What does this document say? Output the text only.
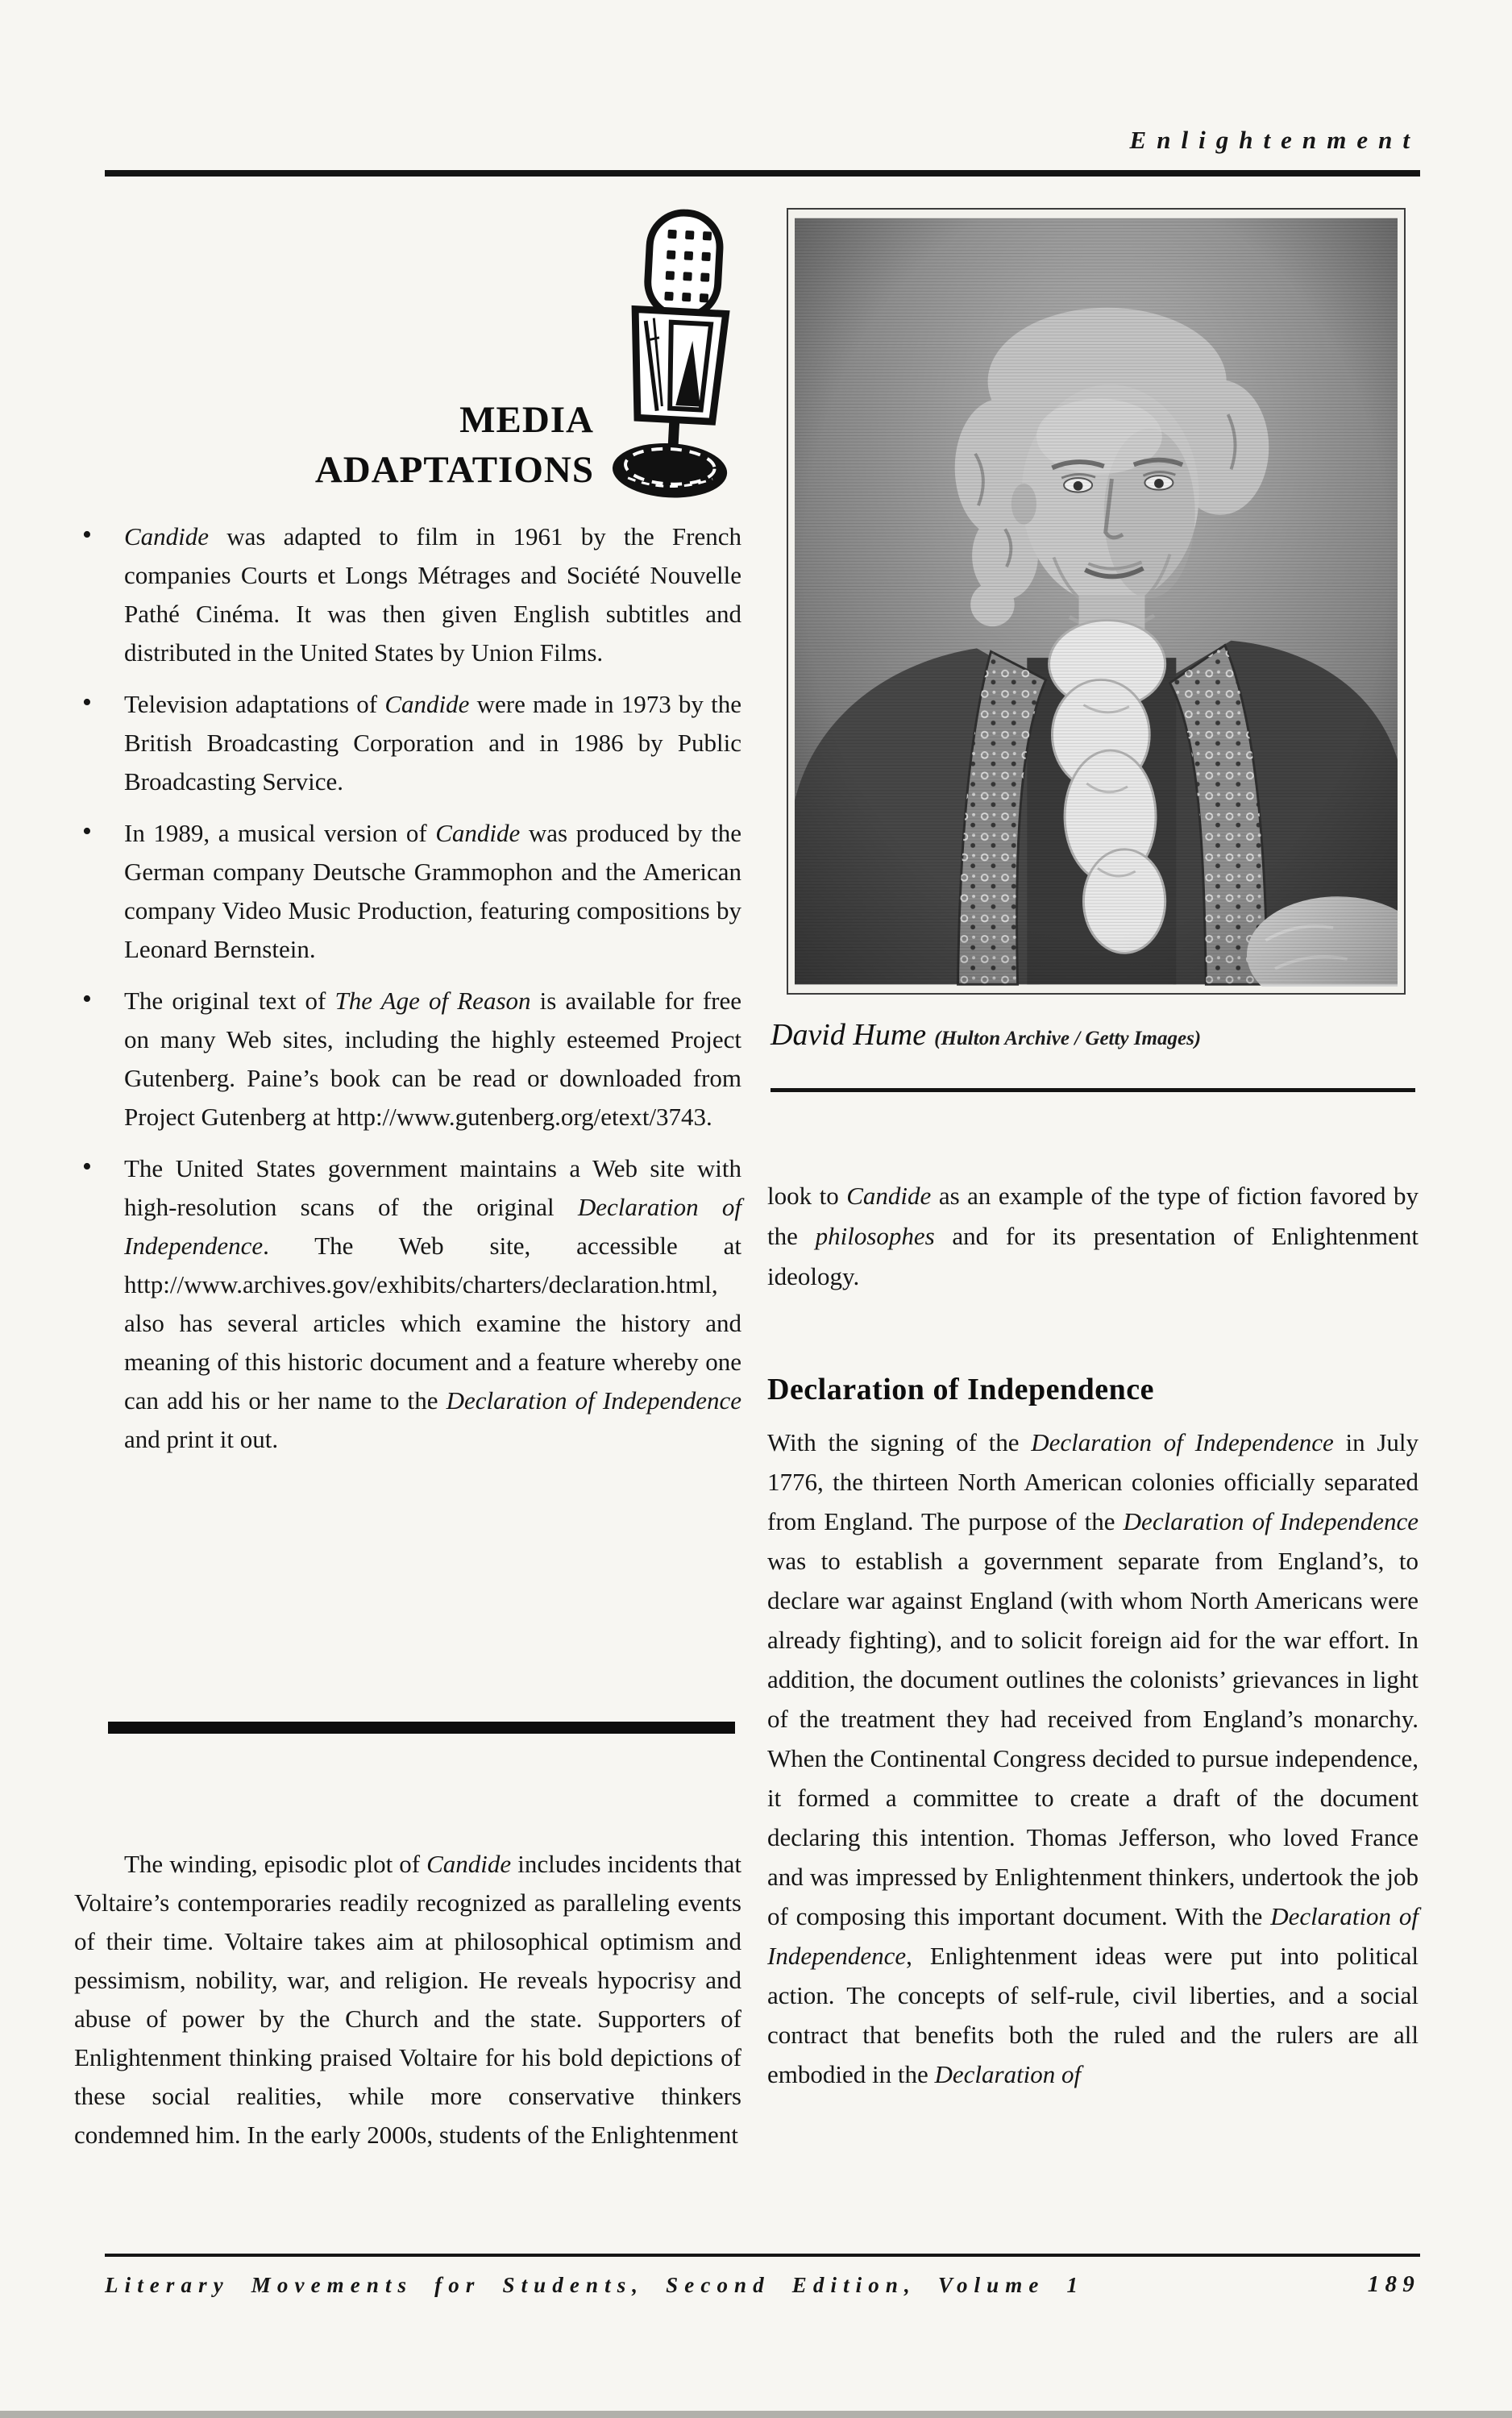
Enlightenment
MEDIA
ADAPTATIONS
• Candide was adapted to film in 1961 by the French companies Courts et Longs Métrages and Société Nouvelle Pathé Cinéma. It was then given English subtitles and distributed in the United States by Union Films.
• Television adaptations of Candide were made in 1973 by the British Broadcasting Corporation and in 1986 by Public Broadcasting Service.
• In 1989, a musical version of Candide was produced by the German company Deutsche Grammophon and the American company Video Music Production, featuring compositions by Leonard Bernstein.
• The original text of The Age of Reason is available for free on many Web sites, including the highly esteemed Project Gutenberg. Paine’s book can be read or downloaded from Project Gutenberg at http://www.gutenberg.org/etext/3743.
• The United States government maintains a Web site with high-resolution scans of the original Declaration of Independence. The Web site, accessible at http://www.archives.gov/exhibits/charters/declaration.html, also has several articles which examine the history and meaning of this historic document and a feature whereby one can add his or her name to the Declaration of Independence and print it out.

The winding, episodic plot of Candide includes incidents that Voltaire’s contemporaries readily recognized as paralleling events of their time. Voltaire takes aim at philosophical optimism and pessimism, nobility, war, and religion. He reveals hypocrisy and abuse of power by the Church and the state. Supporters of Enlightenment thinking praised Voltaire for his bold depictions of these social realities, while more conservative thinkers condemned him. In the early 2000s, students of the Enlightenment

David Hume (Hulton Archive / Getty Images)

look to Candide as an example of the type of fiction favored by the philosophes and for its presentation of Enlightenment ideology.

Declaration of Independence

With the signing of the Declaration of Independence in July 1776, the thirteen North American colonies officially separated from England. The purpose of the Declaration of Independence was to establish a government separate from England’s, to declare war against England (with whom North Americans were already fighting), and to solicit foreign aid for the war effort. In addition, the document outlines the colonists’ grievances in light of the treatment they had received from England’s monarchy. When the Continental Congress decided to pursue independence, it formed a committee to create a draft of the document declaring this intention. Thomas Jefferson, who loved France and was impressed by Enlightenment thinkers, undertook the job of composing this important document. With the Declaration of Independence, Enlightenment ideas were put into political action. The concepts of self-rule, civil liberties, and a social contract that benefits both the ruled and the rulers are all embodied in the Declaration of

Literary Movements for Students, Second Edition, Volume 1	189
